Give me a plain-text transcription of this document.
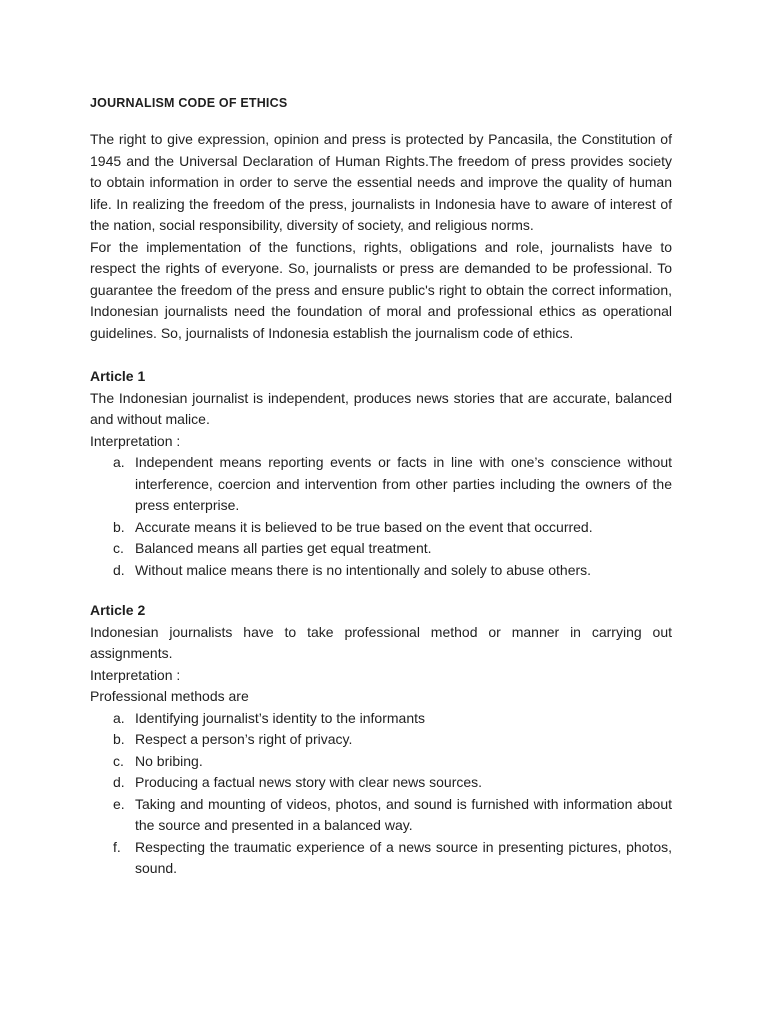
JOURNALISM CODE OF ETHICS

The right to give expression, opinion and press is protected by Pancasila, the Constitution of 1945 and the Universal Declaration of Human Rights.The freedom of press provides society to obtain information in order to serve the essential needs and improve the quality of human life. In realizing the freedom of the press, journalists in Indonesia have to aware of interest of the nation, social responsibility, diversity of society, and religious norms.

For the implementation of the functions, rights, obligations and role, journalists have to respect the rights of everyone. So, journalists or press are demanded to be professional. To guarantee the freedom of the press and ensure public's right to obtain the correct information, Indonesian journalists need the foundation of moral and professional ethics as operational guidelines. So, journalists of Indonesia establish the journalism code of ethics.

Article 1

The Indonesian journalist is independent, produces news stories that are accurate, balanced and without malice.

Interpretation :

a. Independent means reporting events or facts in line with one’s conscience without interference, coercion and intervention from other parties including the owners of the press enterprise.
b. Accurate means it is believed to be true based on the event that occurred.
c. Balanced means all parties get equal treatment.
d. Without malice means there is no intentionally and solely to abuse others.
Article 2

Indonesian journalists have to take professional method or manner in carrying out assignments.

Interpretation :

Professional methods are

a. Identifying journalist’s identity to the informants
b. Respect a person’s right of privacy.
c. No bribing.
d. Producing a factual news story with clear news sources.
e. Taking and mounting of videos, photos, and sound is furnished with information about the source and presented in a balanced way.
f. Respecting the traumatic experience of a news source in presenting pictures, photos, sound.
